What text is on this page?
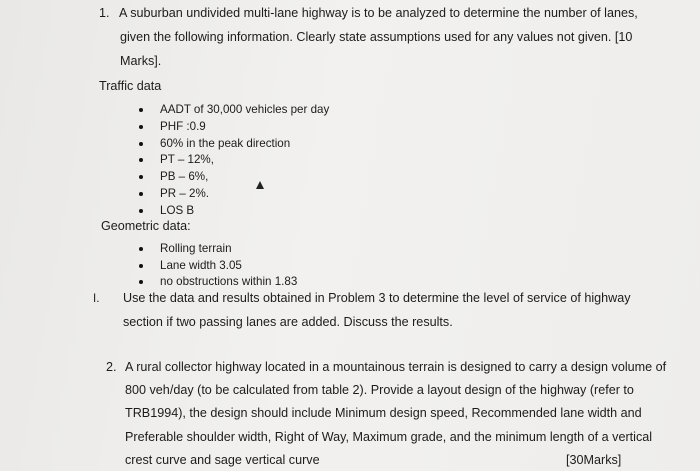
1. A suburban undivided multi-lane highway is to be analyzed to determine the number of lanes,
given the following information. Clearly state assumptions used for any values not given. [10
Marks].
Traffic data
AADT of 30,000 vehicles per day
PHF :0.9
60% in the peak direction
PT – 12%,
PB – 6%,
PR – 2%.
LOS B
Geometric data:
Rolling terrain
Lane width 3.05
no obstructions within 1.83
I. Use the data and results obtained in Problem 3 to determine the level of service of highway
section if two passing lanes are added. Discuss the results.
2. A rural collector highway located in a mountainous terrain is designed to carry a design volume of
800 veh/day (to be calculated from table 2). Provide a layout design of the highway (refer to
TRB1994), the design should include Minimum design speed, Recommended lane width and
Preferable shoulder width, Right of Way, Maximum grade, and the minimum length of a vertical
crest curve and sage vertical curve	[30Marks]
